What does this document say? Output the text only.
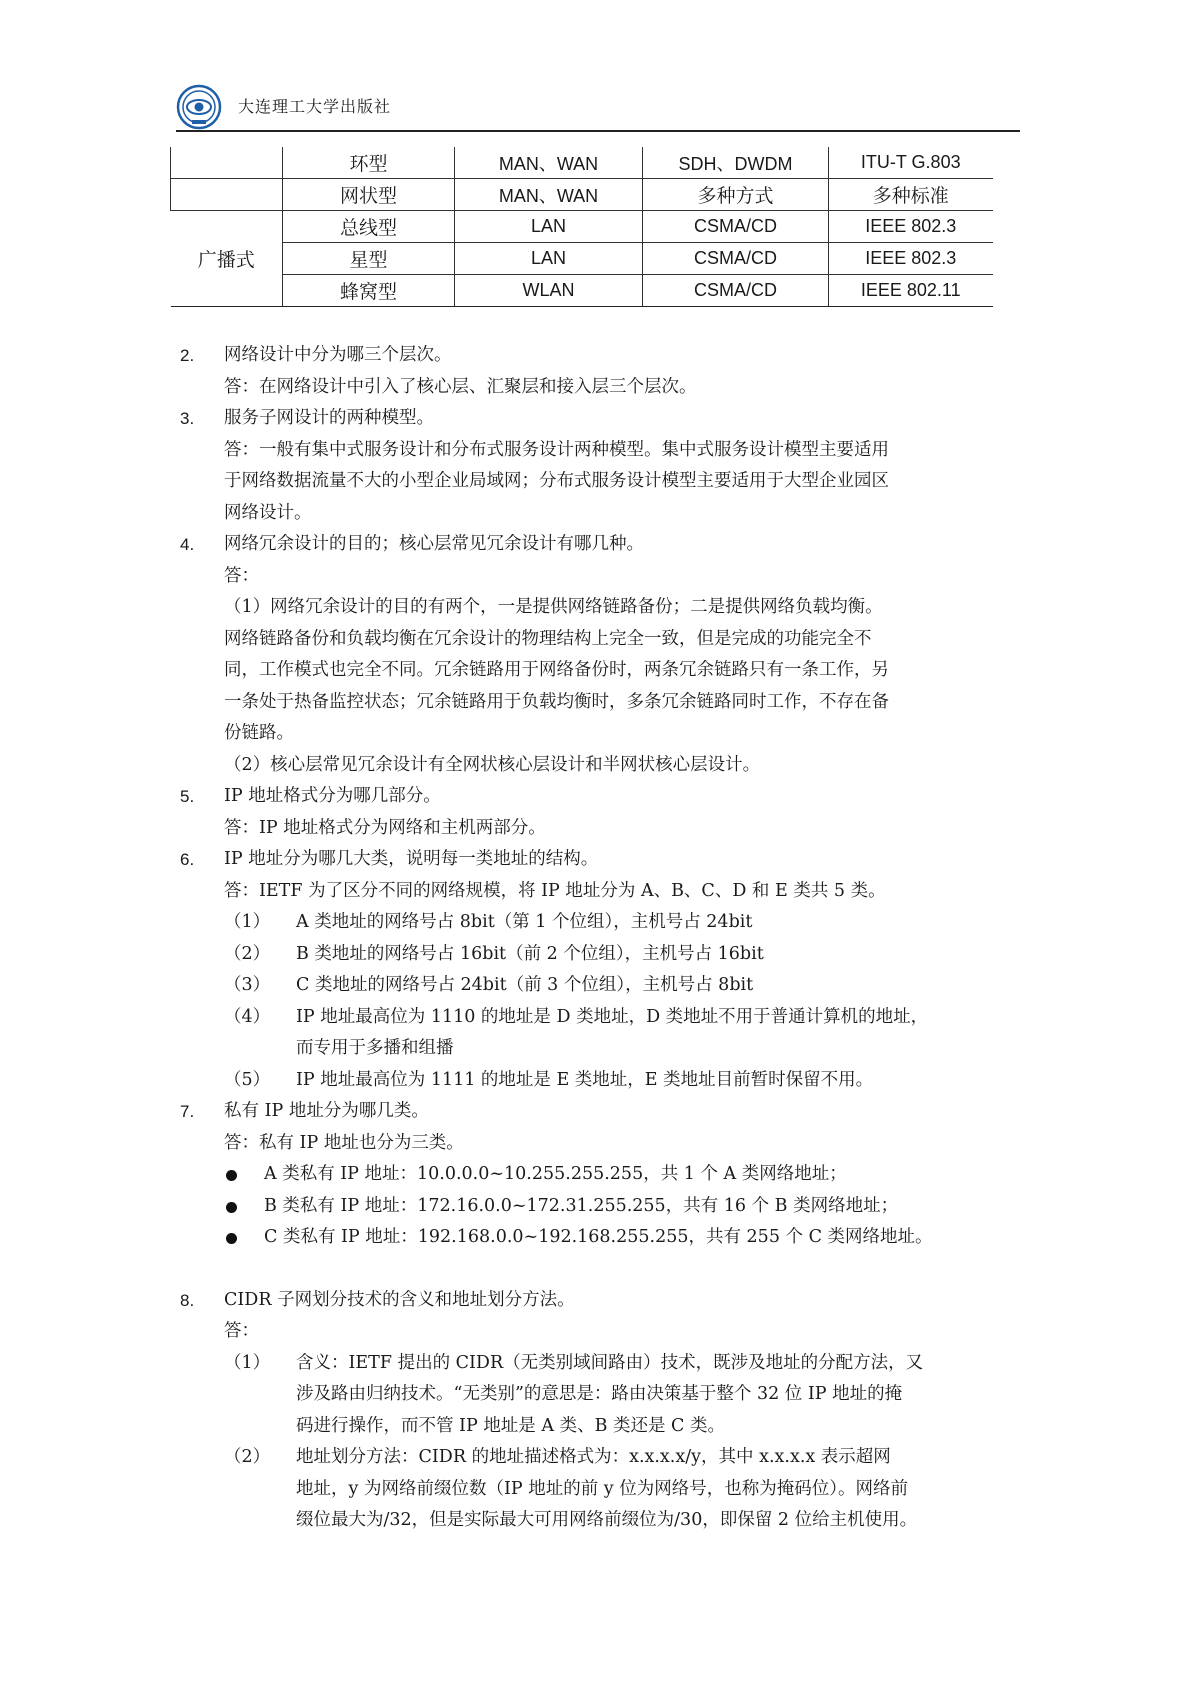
大连理工大学出版社
	环型	MAN、WAN	SDH、DWDM	ITU-T G.803
	网状型	MAN、WAN	多种方式	多种标准
广播式	总线型	LAN	CSMA/CD	IEEE 802.3
	星型	LAN	CSMA/CD	IEEE 802.3
	蜂窝型	WLAN	CSMA/CD	IEEE 802.11
2. 网络设计中分为哪三个层次。
答：在网络设计中引入了核心层、汇聚层和接入层三个层次。
3. 服务子网设计的两种模型。
答：一般有集中式服务设计和分布式服务设计两种模型。集中式服务设计模型主要适用
于网络数据流量不大的小型企业局域网；分布式服务设计模型主要适用于大型企业园区
网络设计。
4. 网络冗余设计的目的；核心层常见冗余设计有哪几种。
答：
（1）网络冗余设计的目的有两个，一是提供网络链路备份；二是提供网络负载均衡。
网络链路备份和负载均衡在冗余设计的物理结构上完全一致，但是完成的功能完全不
同，工作模式也完全不同。冗余链路用于网络备份时，两条冗余链路只有一条工作，另
一条处于热备监控状态；冗余链路用于负载均衡时，多条冗余链路同时工作，不存在备
份链路。
（2）核心层常见冗余设计有全网状核心层设计和半网状核心层设计。
5. IP 地址格式分为哪几部分。
答：IP 地址格式分为网络和主机两部分。
6. IP 地址分为哪几大类，说明每一类地址的结构。
答：IETF 为了区分不同的网络规模，将 IP 地址分为 A、B、C、D 和 E 类共 5 类。
（1） A 类地址的网络号占 8bit（第 1 个位组），主机号占 24bit
（2） B 类地址的网络号占 16bit（前 2 个位组），主机号占 16bit
（3） C 类地址的网络号占 24bit（前 3 个位组），主机号占 8bit
（4） IP 地址最高位为 1110 的地址是 D 类地址，D 类地址不用于普通计算机的地址，
而专用于多播和组播
（5） IP 地址最高位为 1111 的地址是 E 类地址，E 类地址目前暂时保留不用。
7. 私有 IP 地址分为哪几类。
答：私有 IP 地址也分为三类。
A 类私有 IP 地址：10.0.0.0~10.255.255.255，共 1 个 A 类网络地址；
B 类私有 IP 地址：172.16.0.0~172.31.255.255，共有 16 个 B 类网络地址；
C 类私有 IP 地址：192.168.0.0~192.168.255.255，共有 255 个 C 类网络地址。
8. CIDR 子网划分技术的含义和地址划分方法。
答：
（1） 含义：IETF 提出的 CIDR（无类别域间路由）技术，既涉及地址的分配方法，又
涉及路由归纳技术。“无类别”的意思是：路由决策基于整个 32 位 IP 地址的掩
码进行操作，而不管 IP 地址是 A 类、B 类还是 C 类。
（2） 地址划分方法：CIDR 的地址描述格式为：x.x.x.x/y，其中 x.x.x.x 表示超网
地址，y 为网络前缀位数（IP 地址的前 y 位为网络号，也称为掩码位）。网络前
缀位最大为/32，但是实际最大可用网络前缀位为/30，即保留 2 位给主机使用。
